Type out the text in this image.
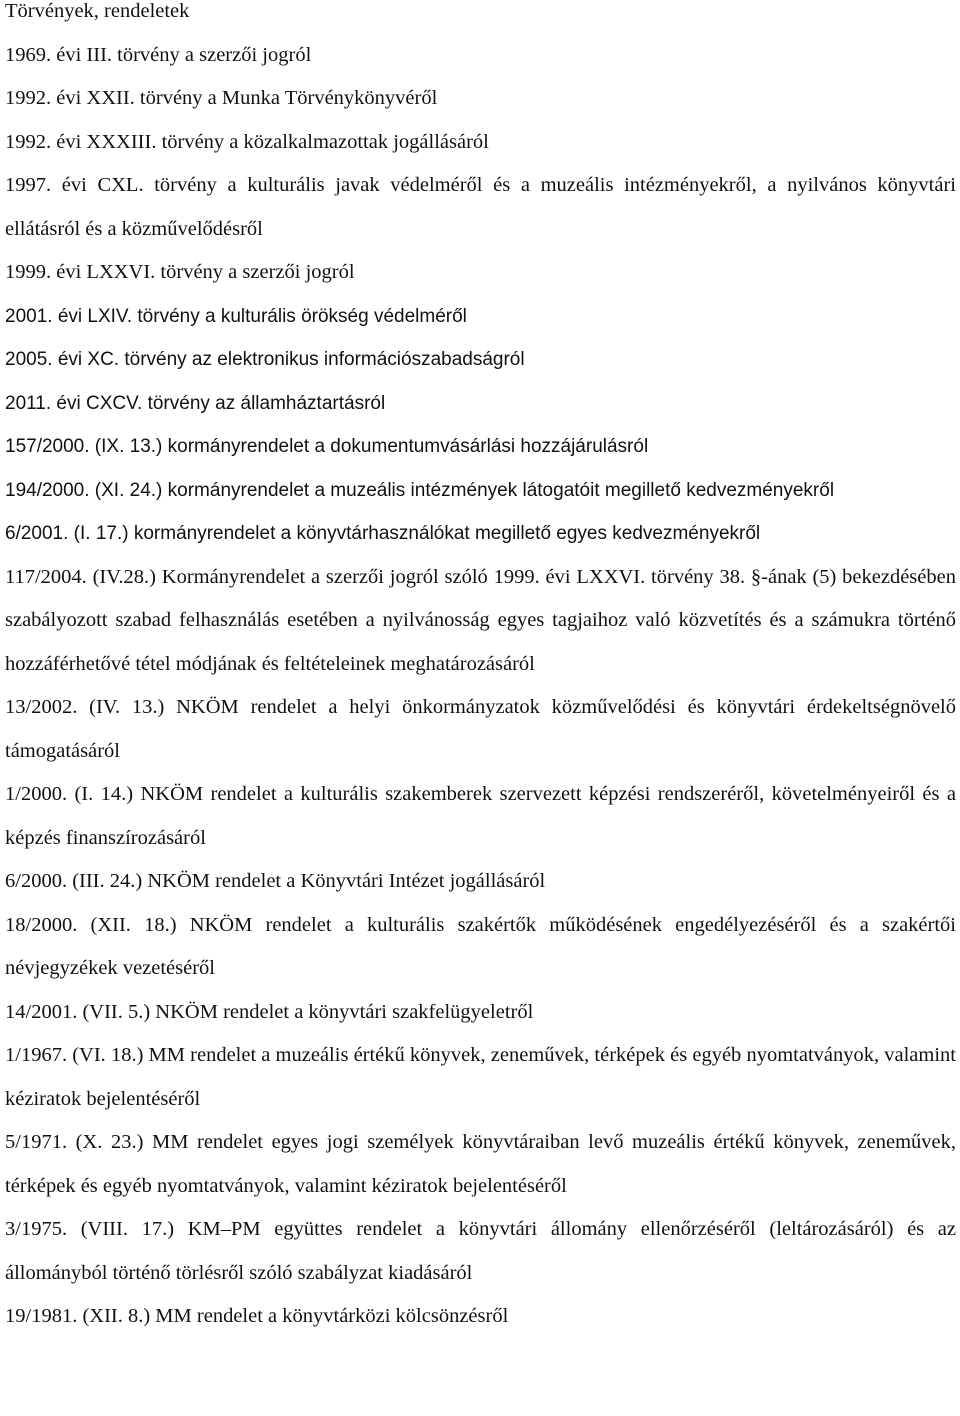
Törvények, rendeletek

1969. évi III. törvény a szerzői jogról

1992. évi XXII. törvény a Munka Törvénykönyvéről

1992. évi XXXIII. törvény a közalkalmazottak jogállásáról

1997. évi CXL. törvény a kulturális javak védelméről és a muzeális intézményekről, a nyilvános könyvtári ellátásról és a közművelődésről

1999. évi LXXVI. törvény a szerzői jogról

2001. évi LXIV. törvény a kulturális örökség védelméről

2005. évi XC. törvény az elektronikus információszabadságról

2011. évi CXCV. törvény az államháztartásról

157/2000. (IX. 13.) kormányrendelet a dokumentumvásárlási hozzájárulásról

194/2000. (XI. 24.) kormányrendelet a muzeális intézmények látogatóit megillető kedvezményekről

6/2001. (I. 17.) kormányrendelet a könyvtárhasználókat megillető egyes kedvezményekről

117/2004. (IV.28.) Kormányrendelet a szerzői jogról szóló 1999. évi LXXVI. törvény 38. §-ának (5) bekezdésében szabályozott szabad felhasználás esetében a nyilvánosság egyes tagjaihoz való közvetítés és a számukra történő hozzáférhetővé tétel módjának és feltételeinek meghatározásáról

13/2002. (IV. 13.) NKÖM rendelet a helyi önkormányzatok közművelődési és könyvtári érdekeltségnövelő támogatásáról

1/2000. (I. 14.) NKÖM rendelet a kulturális szakemberek szervezett képzési rendszeréről, követelményeiről és a képzés finanszírozásáról

6/2000. (III. 24.) NKÖM rendelet a Könyvtári Intézet jogállásáról

18/2000. (XII. 18.) NKÖM rendelet a kulturális szakértők működésének engedélyezéséről és a szakértői névjegyzékek vezetéséről

14/2001. (VII. 5.) NKÖM rendelet a könyvtári szakfelügyeletről

1/1967. (VI. 18.) MM rendelet a muzeális értékű könyvek, zeneművek, térképek és egyéb nyomtatványok, valamint kéziratok bejelentéséről

5/1971. (X. 23.) MM rendelet egyes jogi személyek könyvtáraiban levő muzeális értékű könyvek, zeneművek, térképek és egyéb nyomtatványok, valamint kéziratok bejelentéséről

3/1975. (VIII. 17.) KM–PM együttes rendelet a könyvtári állomány ellenőrzéséről (leltározásáról) és az állományból történő törlésről szóló szabályzat kiadásáról

19/1981. (XII. 8.) MM rendelet a könyvtárközi kölcsönzésről
